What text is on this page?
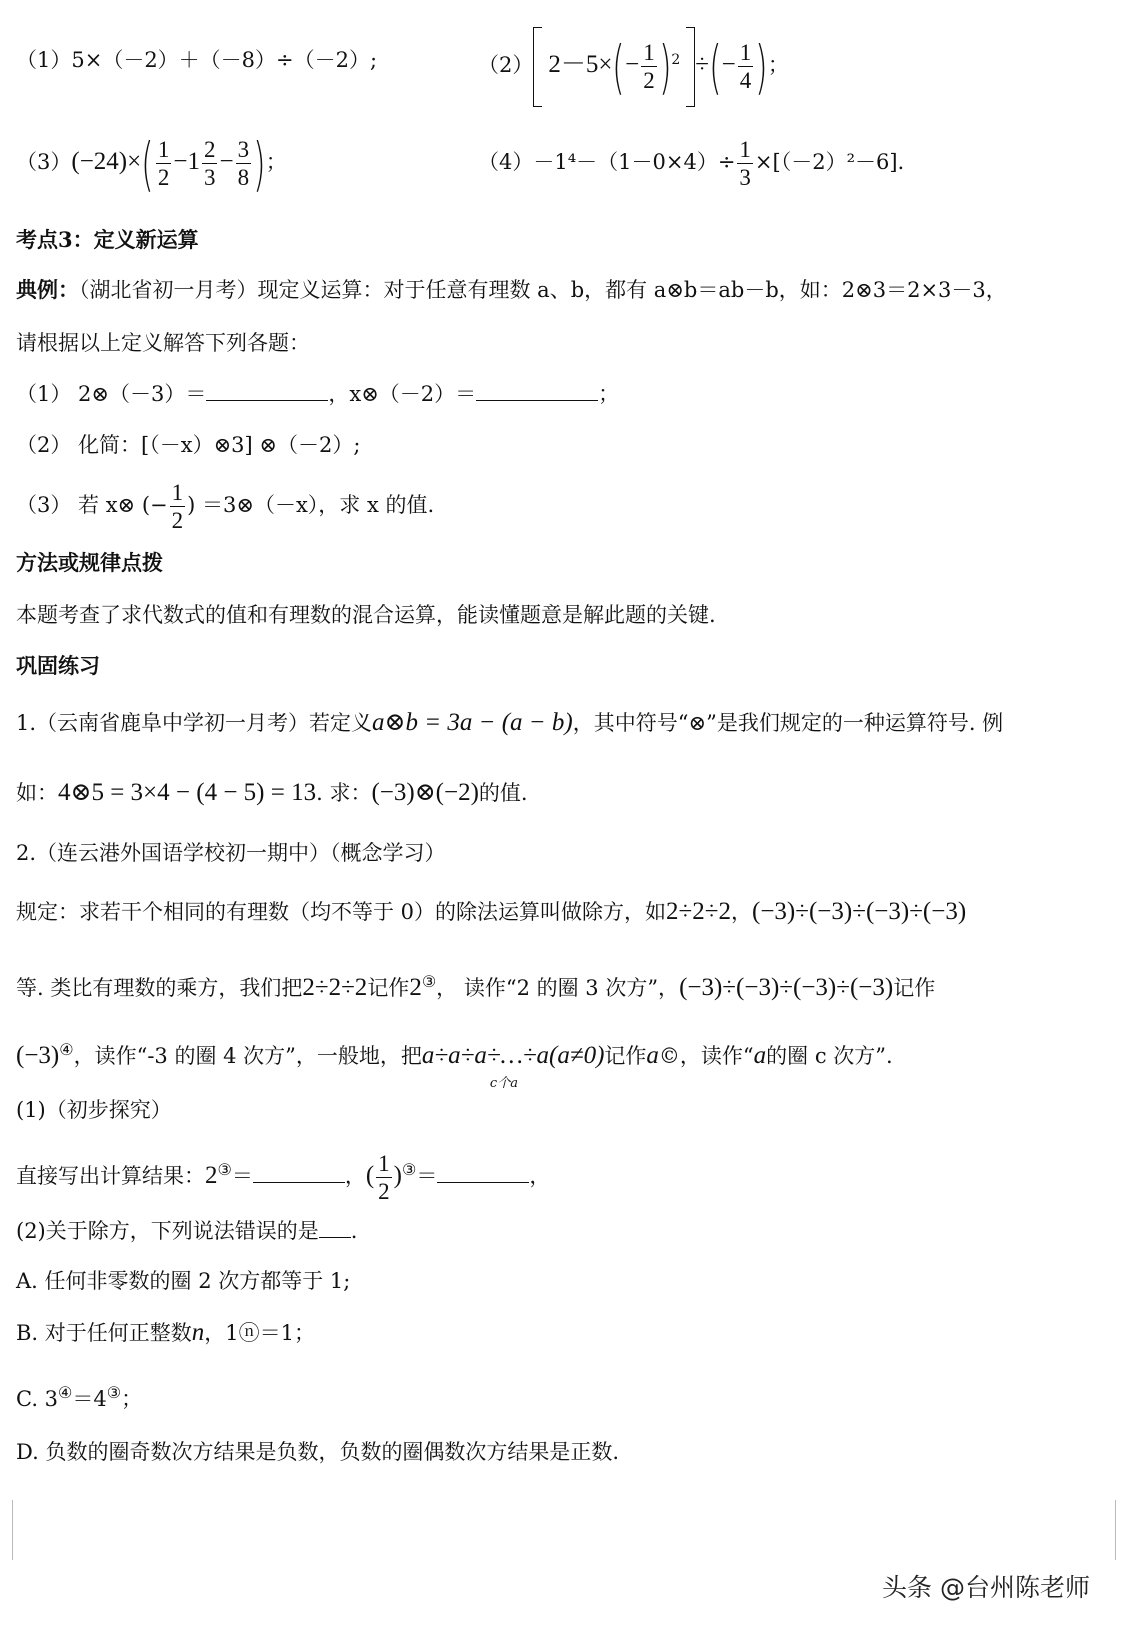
（1）5×（－2）＋（－8）÷（－2）;	（2） $2-5\times(- \frac{1}{2} )^2$ ÷(− $\frac{1}{4}$ )；
$(3)(-24)\times( \frac{1}{2} -1 \frac{2}{3} - \frac{3}{8}$ )；	$(4)-1^4-(1-0\times 4)\div \frac{1}{3} \times[(-2)^2-6]$.
考点3：定义新运算
典例：（湖北省初一月考）现定义运算：对于任意有理数 a、b，都有 a⊗b＝ab－b，如：2⊗3＝2×3－3，
请根据以上定义解答下列各题：
（1） 2⊗（－3）＝	，x⊗（－2）＝	；
（2） 化简：[（－x）⊗3] ⊗（－2）;
（3） 若 x⊗ (− $\frac{1}{2}$ ) ＝3⊗（－x），求 x 的值.
方法或规律点拨
本题考查了求代数式的值和有理数的混合运算，能读懂题意是解此题的关键.
巩固练习
1.（云南省鹿阜中学初一月考）若定义a⊗b = 3a − (a − b)，其中符号“⊗”是我们规定的一种运算符号. 例
如：4⊗5 = 3×4 − (4 − 5) = 13. 求：(−3)⊗(−2)的值.
2.（连云港外国语学校初一期中）（概念学习）
规定：求若干个相同的有理数（均不等于 0）的除法运算叫做除方，如2÷2÷2，(−3)÷(−3)÷(−3)÷(−3)
等. 类比有理数的乘方，我们把2÷2÷2记作2③， 读作“2 的圈 3 次方”，(−3)÷(−3)÷(−3)÷(−3)记作
(−3)④，读作“-3 的圈 4 次方”，一般地，把a÷a÷a÷…÷a(a≠0)
c个a
记作a©，读作“a的圈 c 次方”.
(1)（初步探究）
直接写出计算结果：2③＝	，( $\frac{1}{2} )^③=$	，
(2)关于除方，下列说法错误的是 .
A. 任何非零数的圈 2 次方都等于 1;
B. 对于任何正整数n，1ⓝ＝1；
C. 3④＝4③；
D. 负数的圈奇数次方结果是负数，负数的圈偶数次方结果是正数.
头条 @台州陈老师
